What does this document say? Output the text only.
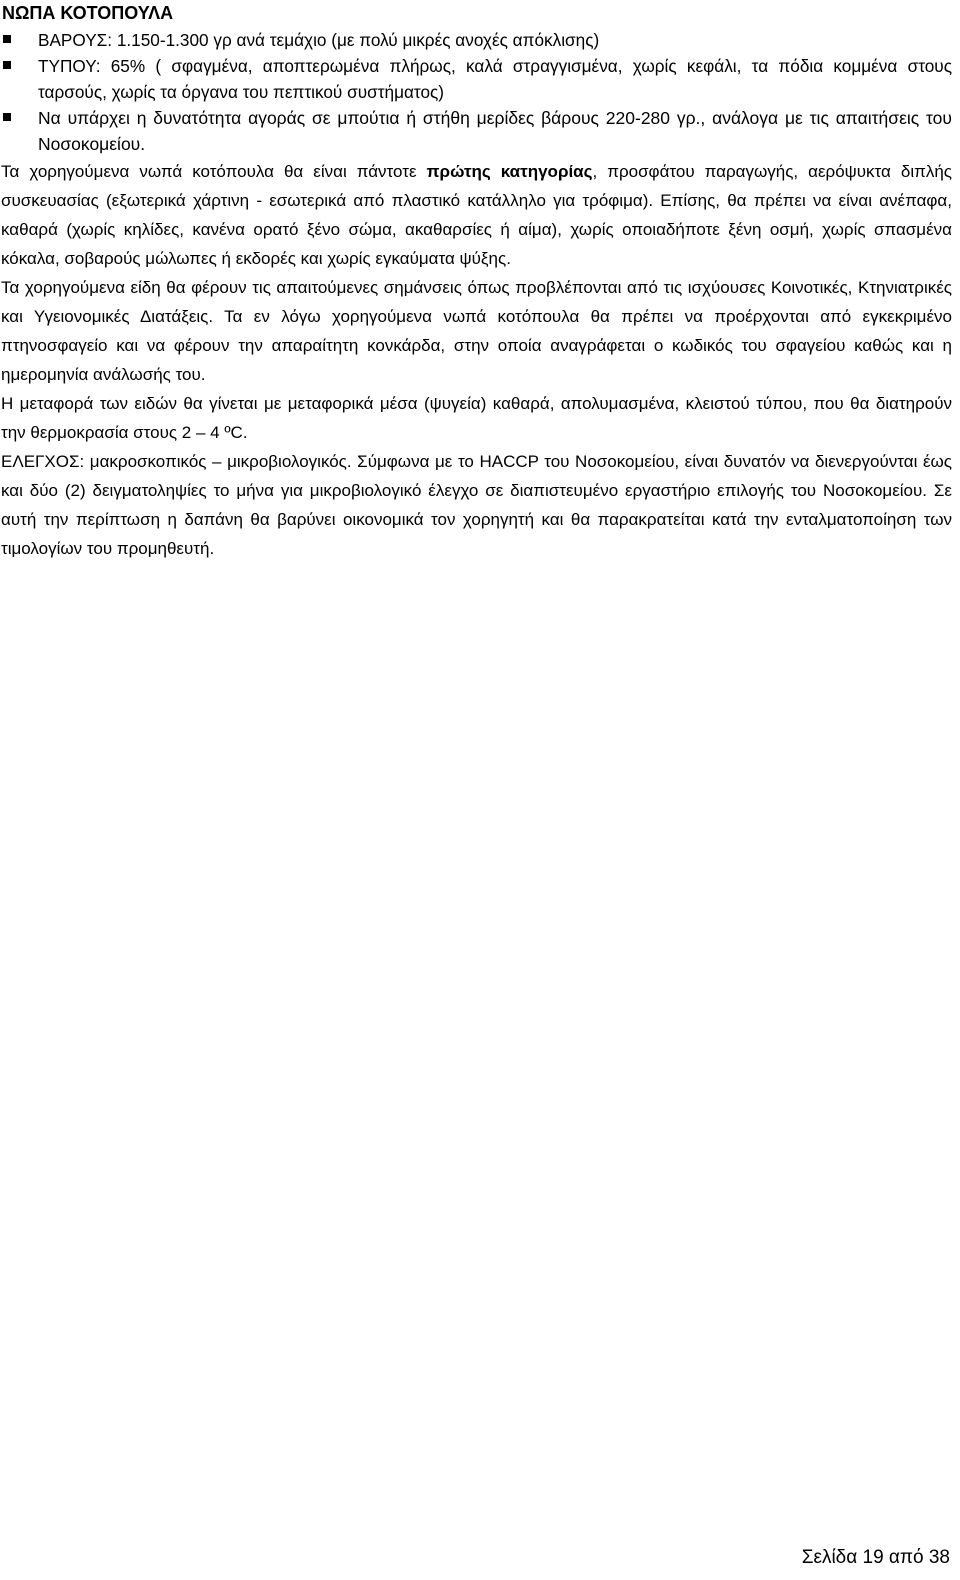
ΝΩΠΑ ΚΟΤΟΠΟΥΛΑ
ΒΑΡΟΥΣ: 1.150-1.300 γρ ανά τεμάχιο (με πολύ μικρές ανοχές απόκλισης)
ΤΥΠΟΥ: 65% ( σφαγμένα, αποπτερωμένα πλήρως, καλά στραγγισμένα, χωρίς κεφάλι, τα πόδια κομμένα στους ταρσούς, χωρίς τα όργανα του πεπτικού συστήματος)
Να υπάρχει η δυνατότητα αγοράς σε μπούτια ή στήθη μερίδες βάρους 220-280 γρ., ανάλογα με τις απαιτήσεις του Νοσοκομείου.

Τα χορηγούμενα νωπά κοτόπουλα θα είναι πάντοτε πρώτης κατηγορίας, προσφάτου παραγωγής, αερόψυκτα διπλής συσκευασίας (εξωτερικά χάρτινη - εσωτερικά από πλαστικό κατάλληλο για τρόφιμα). Επίσης, θα πρέπει να είναι ανέπαφα, καθαρά (χωρίς κηλίδες, κανένα ορατό ξένο σώμα, ακαθαρσίες ή αίμα), χωρίς οποιαδήποτε ξένη οσμή, χωρίς σπασμένα κόκαλα, σοβαρούς μώλωπες ή εκδορές και χωρίς εγκαύματα ψύξης.

Τα χορηγούμενα είδη θα φέρουν τις απαιτούμενες σημάνσεις όπως προβλέπονται από τις ισχύουσες Κοινοτικές, Κτηνιατρικές και Υγειονομικές Διατάξεις. Τα εν λόγω χορηγούμενα νωπά κοτόπουλα θα πρέπει να προέρχονται από εγκεκριμένο πτηνοσφαγείο και να φέρουν την απαραίτητη κονκάρδα, στην οποία αναγράφεται ο κωδικός του σφαγείου καθώς και η ημερομηνία ανάλωσής του.

Η μεταφορά των ειδών θα γίνεται με μεταφορικά μέσα (ψυγεία) καθαρά, απολυμασμένα, κλειστού τύπου, που θα διατηρούν την θερμοκρασία στους 2 – 4 ºC.

ΕΛΕΓΧΟΣ: μακροσκοπικός – μικροβιολογικός. Σύμφωνα με το HACCP του Νοσοκομείου, είναι δυνατόν να διενεργούνται έως και δύο (2) δειγματοληψίες το μήνα για μικροβιολογικό έλεγχο σε διαπιστευμένο εργαστήριο επιλογής του Νοσοκομείου. Σε αυτή την περίπτωση η δαπάνη θα βαρύνει οικονομικά τον χορηγητή και θα παρακρατείται κατά την ενταλματοποίηση των τιμολογίων του προμηθευτή.

Σελίδα 19 από 38
